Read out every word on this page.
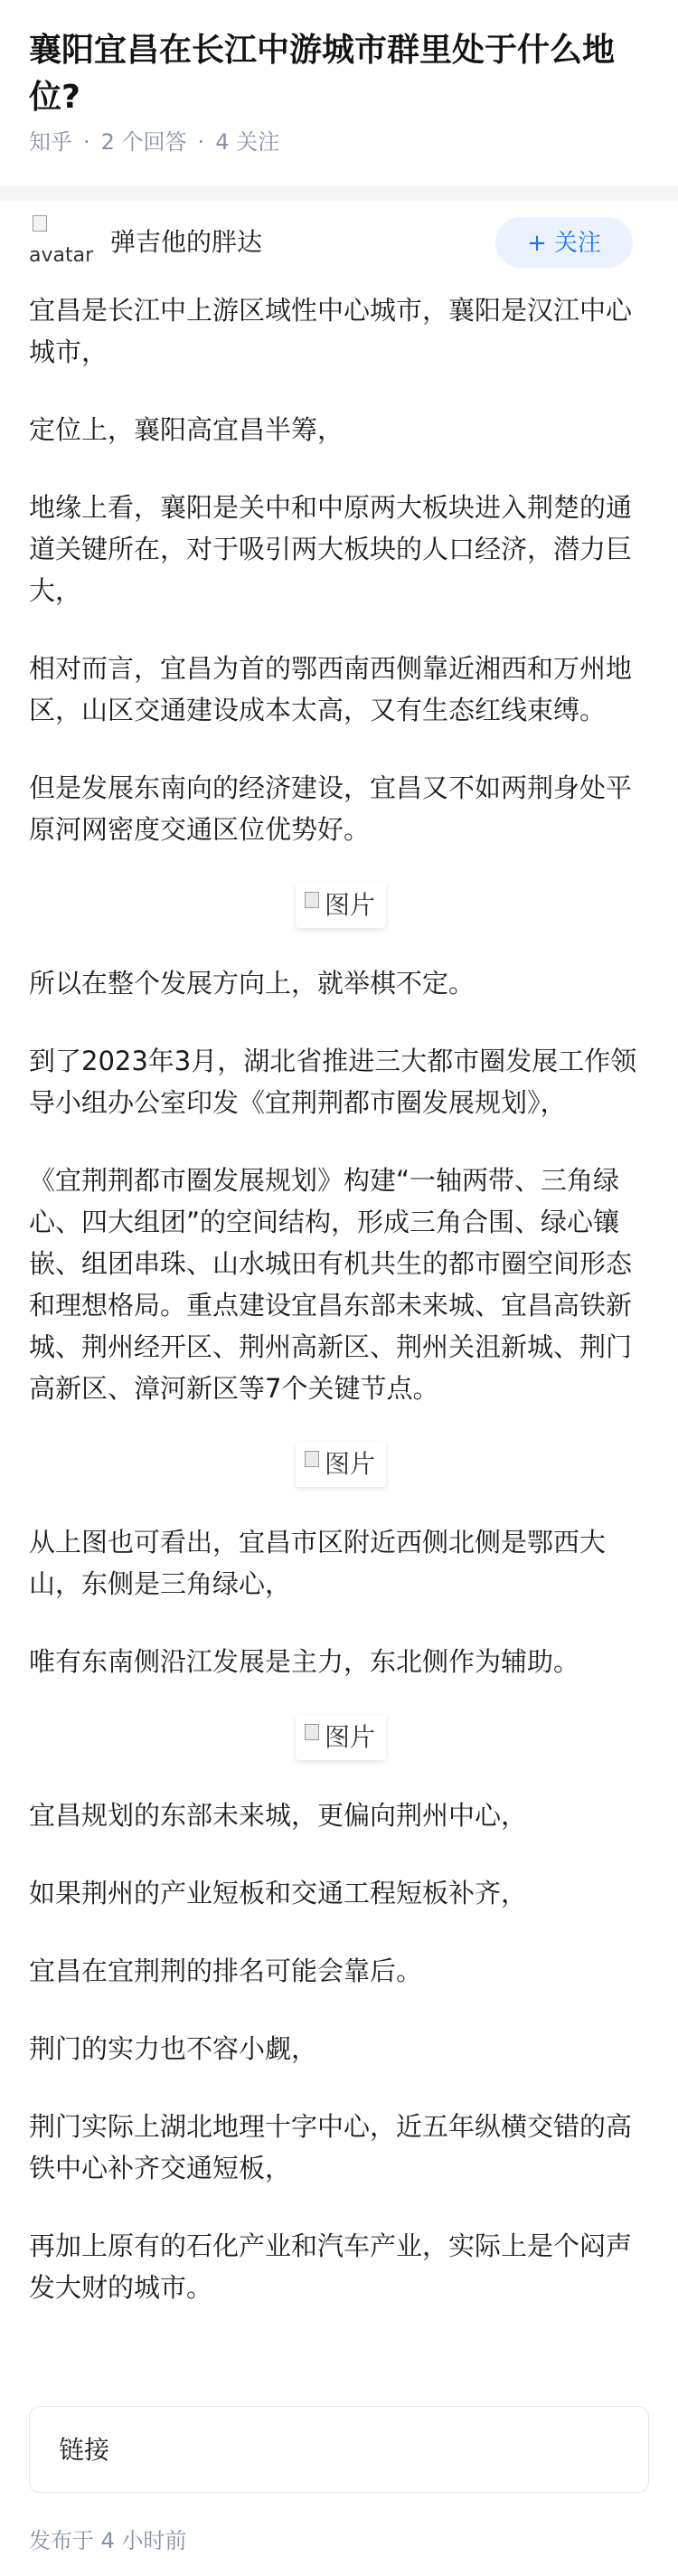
襄阳宜昌在长江中游城市群里处于什么地位?
知乎 · 2 个回答 · 4 关注
avatar 弹吉他的胖达	+ 关注

宜昌是长江中上游区域性中心城市，襄阳是汉江中心城市，

定位上，襄阳高宜昌半筹，

地缘上看，襄阳是关中和中原两大板块进入荆楚的通道关键所在，对于吸引两大板块的人口经济，潜力巨大，

相对而言，宜昌为首的鄂西南西侧靠近湘西和万州地区，山区交通建设成本太高，又有生态红线束缚。

但是发展东南向的经济建设，宜昌又不如两荆身处平原河网密度交通区位优势好。

图片

所以在整个发展方向上，就举棋不定。

到了2023年3月，湖北省推进三大都市圈发展工作领导小组办公室印发《宜荆荆都市圈发展规划》，

《宜荆荆都市圈发展规划》构建“一轴两带、三角绿心、四大组团”的空间结构，形成三角合围、绿心镶嵌、组团串珠、山水城田有机共生的都市圈空间形态和理想格局。重点建设宜昌东部未来城、宜昌高铁新城、荆州经开区、荆州高新区、荆州关沮新城、荆门高新区、漳河新区等7个关键节点。

图片

从上图也可看出，宜昌市区附近西侧北侧是鄂西大山，东侧是三角绿心，

唯有东南侧沿江发展是主力，东北侧作为辅助。

图片

宜昌规划的东部未来城，更偏向荆州中心，

如果荆州的产业短板和交通工程短板补齐，

宜昌在宜荆荆的排名可能会靠后。

荆门的实力也不容小觑，

荆门实际上湖北地理十字中心，近五年纵横交错的高铁中心补齐交通短板，

再加上原有的石化产业和汽车产业，实际上是个闷声发大财的城市。

链接
发布于 4 小时前
